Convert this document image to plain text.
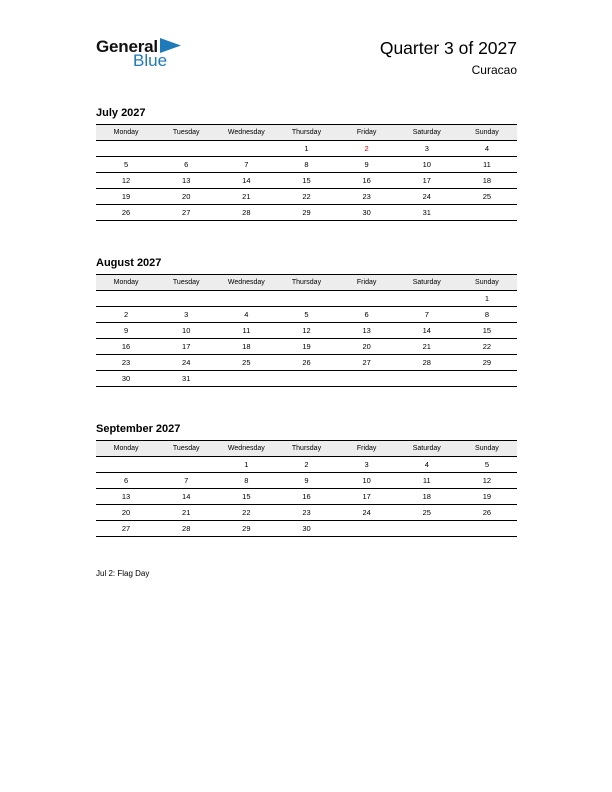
General
Blue
Quarter 3 of 2027
Curacao
July 2027
Monday	Tuesday	Wednesday	Thursday	Friday	Saturday	Sunday
			1	2	3	4
5	6	7	8	9	10	11
12	13	14	15	16	17	18
19	20	21	22	23	24	25
26	27	28	29	30	31	
August 2027
Monday	Tuesday	Wednesday	Thursday	Friday	Saturday	Sunday
						1
2	3	4	5	6	7	8
9	10	11	12	13	14	15
16	17	18	19	20	21	22
23	24	25	26	27	28	29
30	31					
September 2027
Monday	Tuesday	Wednesday	Thursday	Friday	Saturday	Sunday
		1	2	3	4	5
6	7	8	9	10	11	12
13	14	15	16	17	18	19
20	21	22	23	24	25	26
27	28	29	30			
Jul 2: Flag Day
